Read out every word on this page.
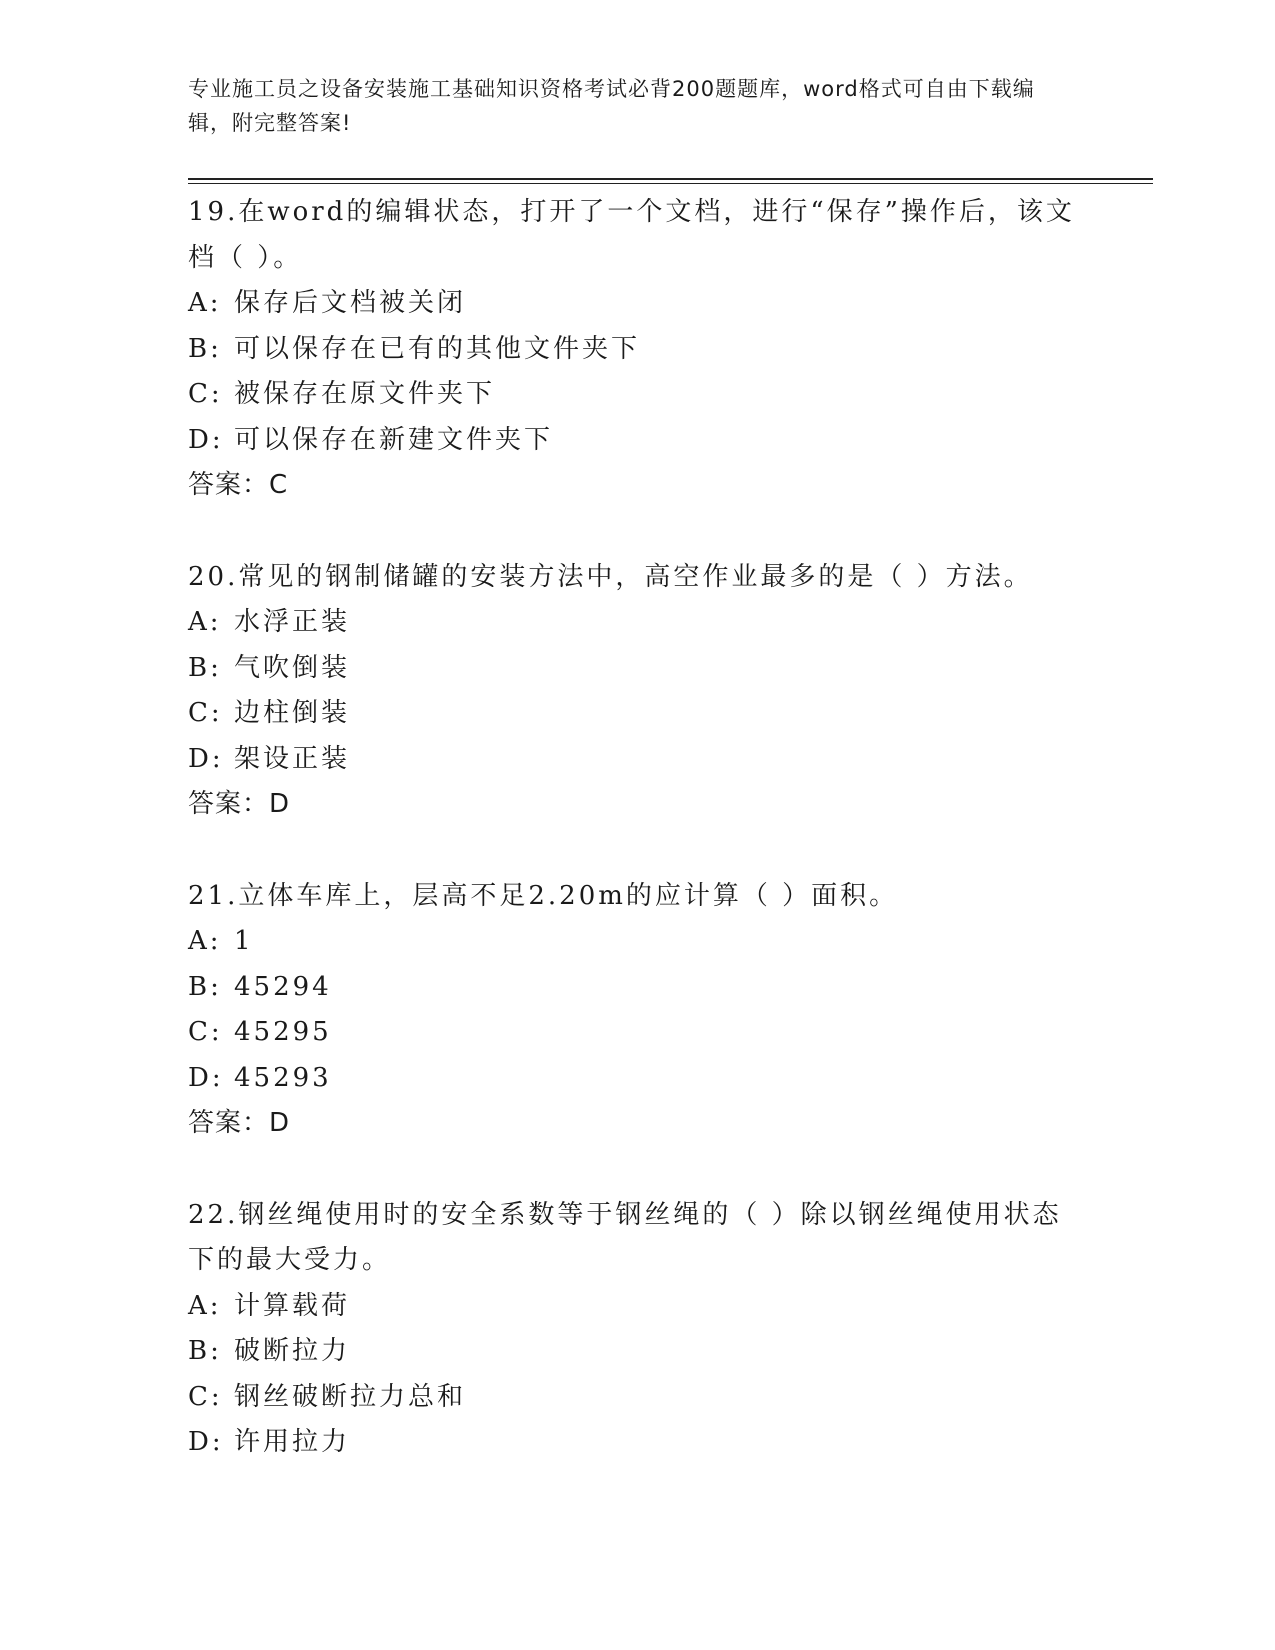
专业施工员之设备安装施工基础知识资格考试必背200题题库，word格式可自由下载编辑，附完整答案!

19.在word的编辑状态，打开了一个文档，进行“保存”操作后，该文档（ ）。

A: 保存后文档被关闭

B: 可以保存在已有的其他文件夹下

C: 被保存在原文件夹下

D: 可以保存在新建文件夹下

答案：C

20.常见的钢制储罐的安装方法中，高空作业最多的是（ ）方法。

A: 水浮正装

B: 气吹倒装

C: 边柱倒装

D: 架设正装

答案：D

21.立体车库上，层高不足2.20m的应计算（ ）面积。

A: 1

B: 45294

C: 45295

D: 45293

答案：D

22.钢丝绳使用时的安全系数等于钢丝绳的（ ）除以钢丝绳使用状态下的最大受力。

A: 计算载荷

B: 破断拉力

C: 钢丝破断拉力总和

D: 许用拉力
